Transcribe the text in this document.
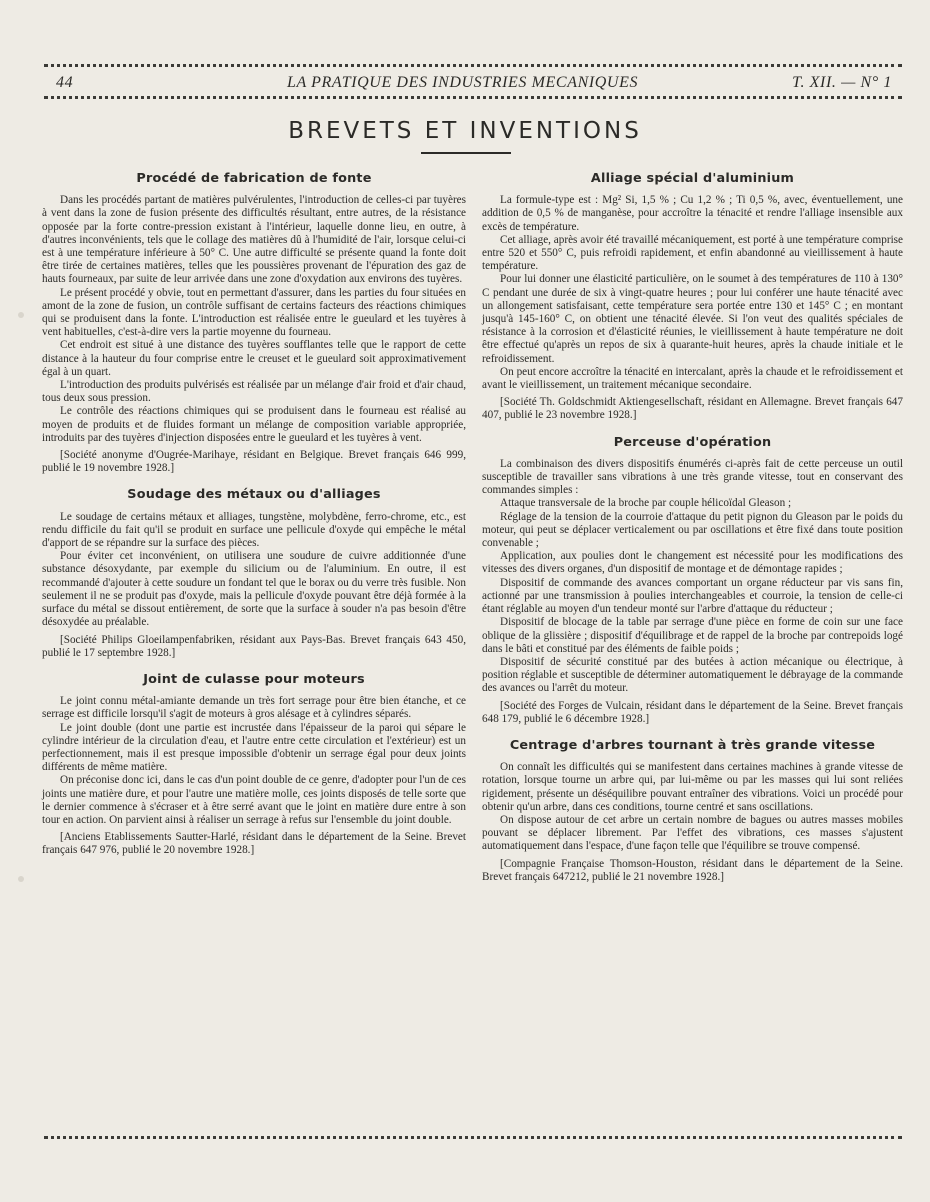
44	LA PRATIQUE DES INDUSTRIES MECANIQUES	T. XII. — N° 1
BREVETS ET INVENTIONS
Procédé de fabrication de fonte

Dans les procédés partant de matières pulvérulentes, l'introduction de celles-ci par tuyères à vent dans la zone de fusion présente des difficultés résultant, entre autres, de la résistance opposée par la forte contre-pression existant à l'intérieur, laquelle donne lieu, en outre, à d'autres inconvénients, tels que le collage des matières dû à l'humidité de l'air, lorsque celui-ci est à une température inférieure à 50° C. Une autre difficulté se présente quand la fonte doit être tirée de certaines matières, telles que les poussières provenant de l'épuration des gaz de hauts fourneaux, par suite de leur arrivée dans une zone d'oxydation aux environs des tuyères.

Le présent procédé y obvie, tout en permettant d'assurer, dans les parties du four situées en amont de la zone de fusion, un contrôle suffisant de certains facteurs des réactions chimiques qui se produisent dans la fonte. L'introduction est réalisée entre le gueulard et les tuyères à vent habituelles, c'est-à-dire vers la partie moyenne du fourneau.

Cet endroit est situé à une distance des tuyères soufflantes telle que le rapport de cette distance à la hauteur du four comprise entre le creuset et le gueulard soit approximativement égal à un quart.

L'introduction des produits pulvérisés est réalisée par un mélange d'air froid et d'air chaud, tous deux sous pression.

Le contrôle des réactions chimiques qui se produisent dans le fourneau est réalisé au moyen de produits et de fluides formant un mélange de composition variable appropriée, introduits par des tuyères d'injection disposées entre le gueulard et les tuyères à vent.

[Société anonyme d'Ougrée-Marihaye, résidant en Belgique. Brevet français 646 999, publié le 19 novembre 1928.]

Soudage des métaux ou d'alliages

Le soudage de certains métaux et alliages, tungstène, molybdène, ferro-chrome, etc., est rendu difficile du fait qu'il se produit en surface une pellicule d'oxyde qui empêche le métal d'apport de se répandre sur la surface des pièces.

Pour éviter cet inconvénient, on utilisera une soudure de cuivre additionnée d'une substance désoxydante, par exemple du silicium ou de l'aluminium. En outre, il est recommandé d'ajouter à cette soudure un fondant tel que le borax ou du verre très fusible. Non seulement il ne se produit pas d'oxyde, mais la pellicule d'oxyde pouvant être déjà formée à la surface du métal se dissout entièrement, de sorte que la surface à souder n'a pas besoin d'être désoxydée au préalable.

[Société Philips Gloeilampenfabriken, résidant aux Pays-Bas. Brevet français 643 450, publié le 17 septembre 1928.]

Joint de culasse pour moteurs

Le joint connu métal-amiante demande un très fort serrage pour être bien étanche, et ce serrage est difficile lorsqu'il s'agit de moteurs à gros alésage et à cylindres séparés.

Le joint double (dont une partie est incrustée dans l'épaisseur de la paroi qui sépare le cylindre intérieur de la circulation d'eau, et l'autre entre cette circulation et l'extérieur) est un perfectionnement, mais il est presque impossible d'obtenir un serrage égal pour deux joints différents de même matière.

On préconise donc ici, dans le cas d'un point double de ce genre, d'adopter pour l'un de ces joints une matière dure, et pour l'autre une matière molle, ces joints disposés de telle sorte que le dernier commence à s'écraser et à être serré avant que le joint en matière dure entre à son tour en action. On parvient ainsi à réaliser un serrage à refus sur l'ensemble du joint double.

[Anciens Etablissements Sautter-Harlé, résidant dans le département de la Seine. Brevet français 647 976, publié le 20 novembre 1928.]

Alliage spécial d'aluminium

La formule-type est : Mg² Si, 1,5 % ; Cu 1,2 % ; Ti 0,5 %, avec, éventuellement, une addition de 0,5 % de manganèse, pour accroître la ténacité et rendre l'alliage insensible aux excès de température.

Cet alliage, après avoir été travaillé mécaniquement, est porté à une température comprise entre 520 et 550° C, puis refroidi rapidement, et enfin abandonné au vieillissement à haute température.

Pour lui donner une élasticité particulière, on le soumet à des températures de 110 à 130° C pendant une durée de six à vingt-quatre heures ; pour lui conférer une haute ténacité avec un allongement satisfaisant, cette température sera portée entre 130 et 145° C ; en montant jusqu'à 145-160° C, on obtient une ténacité élevée. Si l'on veut des qualités spéciales de résistance à la corrosion et d'élasticité réunies, le vieillissement à haute température ne doit être effectué qu'après un repos de six à quarante-huit heures, après la chaude initiale et le refroidissement.

On peut encore accroître la ténacité en intercalant, après la chaude et le refroidissement et avant le vieillissement, un traitement mécanique secondaire.

[Société Th. Goldschmidt Aktiengesellschaft, résidant en Allemagne. Brevet français 647 407, publié le 23 novembre 1928.]

Perceuse d'opération

La combinaison des divers dispositifs énumérés ci-après fait de cette perceuse un outil susceptible de travailler sans vibrations à une très grande vitesse, tout en conservant des commandes simples :

Attaque transversale de la broche par couple hélicoïdal Gleason ;

Réglage de la tension de la courroie d'attaque du petit pignon du Gleason par le poids du moteur, qui peut se déplacer verticalement ou par oscillations et être fixé dans toute position convenable ;

Application, aux poulies dont le changement est nécessité pour les modifications des vitesses des divers organes, d'un dispositif de montage et de démontage rapides ;

Dispositif de commande des avances comportant un organe réducteur par vis sans fin, actionné par une transmission à poulies interchangeables et courroie, la tension de celle-ci étant réglable au moyen d'un tendeur monté sur l'arbre d'attaque du réducteur ;

Dispositif de blocage de la table par serrage d'une pièce en forme de coin sur une face oblique de la glissière ; dispositif d'équilibrage et de rappel de la broche par contrepoids logé dans le bâti et constitué par des éléments de faible poids ;

Dispositif de sécurité constitué par des butées à action mécanique ou électrique, à position réglable et susceptible de déterminer automatiquement le débrayage de la commande des avances ou l'arrêt du moteur.

[Société des Forges de Vulcain, résidant dans le département de la Seine. Brevet français 648 179, publié le 6 décembre 1928.]

Centrage d'arbres tournant à très grande vitesse

On connaît les difficultés qui se manifestent dans certaines machines à grande vitesse de rotation, lorsque tourne un arbre qui, par lui-même ou par les masses qui lui sont reliées rigidement, présente un déséquilibre pouvant entraîner des vibrations. Voici un procédé pour obtenir qu'un arbre, dans ces conditions, tourne centré et sans oscillations.

On dispose autour de cet arbre un certain nombre de bagues ou autres masses mobiles pouvant se déplacer librement. Par l'effet des vibrations, ces masses s'ajustent automatiquement dans l'espace, d'une façon telle que l'équilibre se trouve compensé.

[Compagnie Française Thomson-Houston, résidant dans le département de la Seine. Brevet français 647212, publié le 21 novembre 1928.]
